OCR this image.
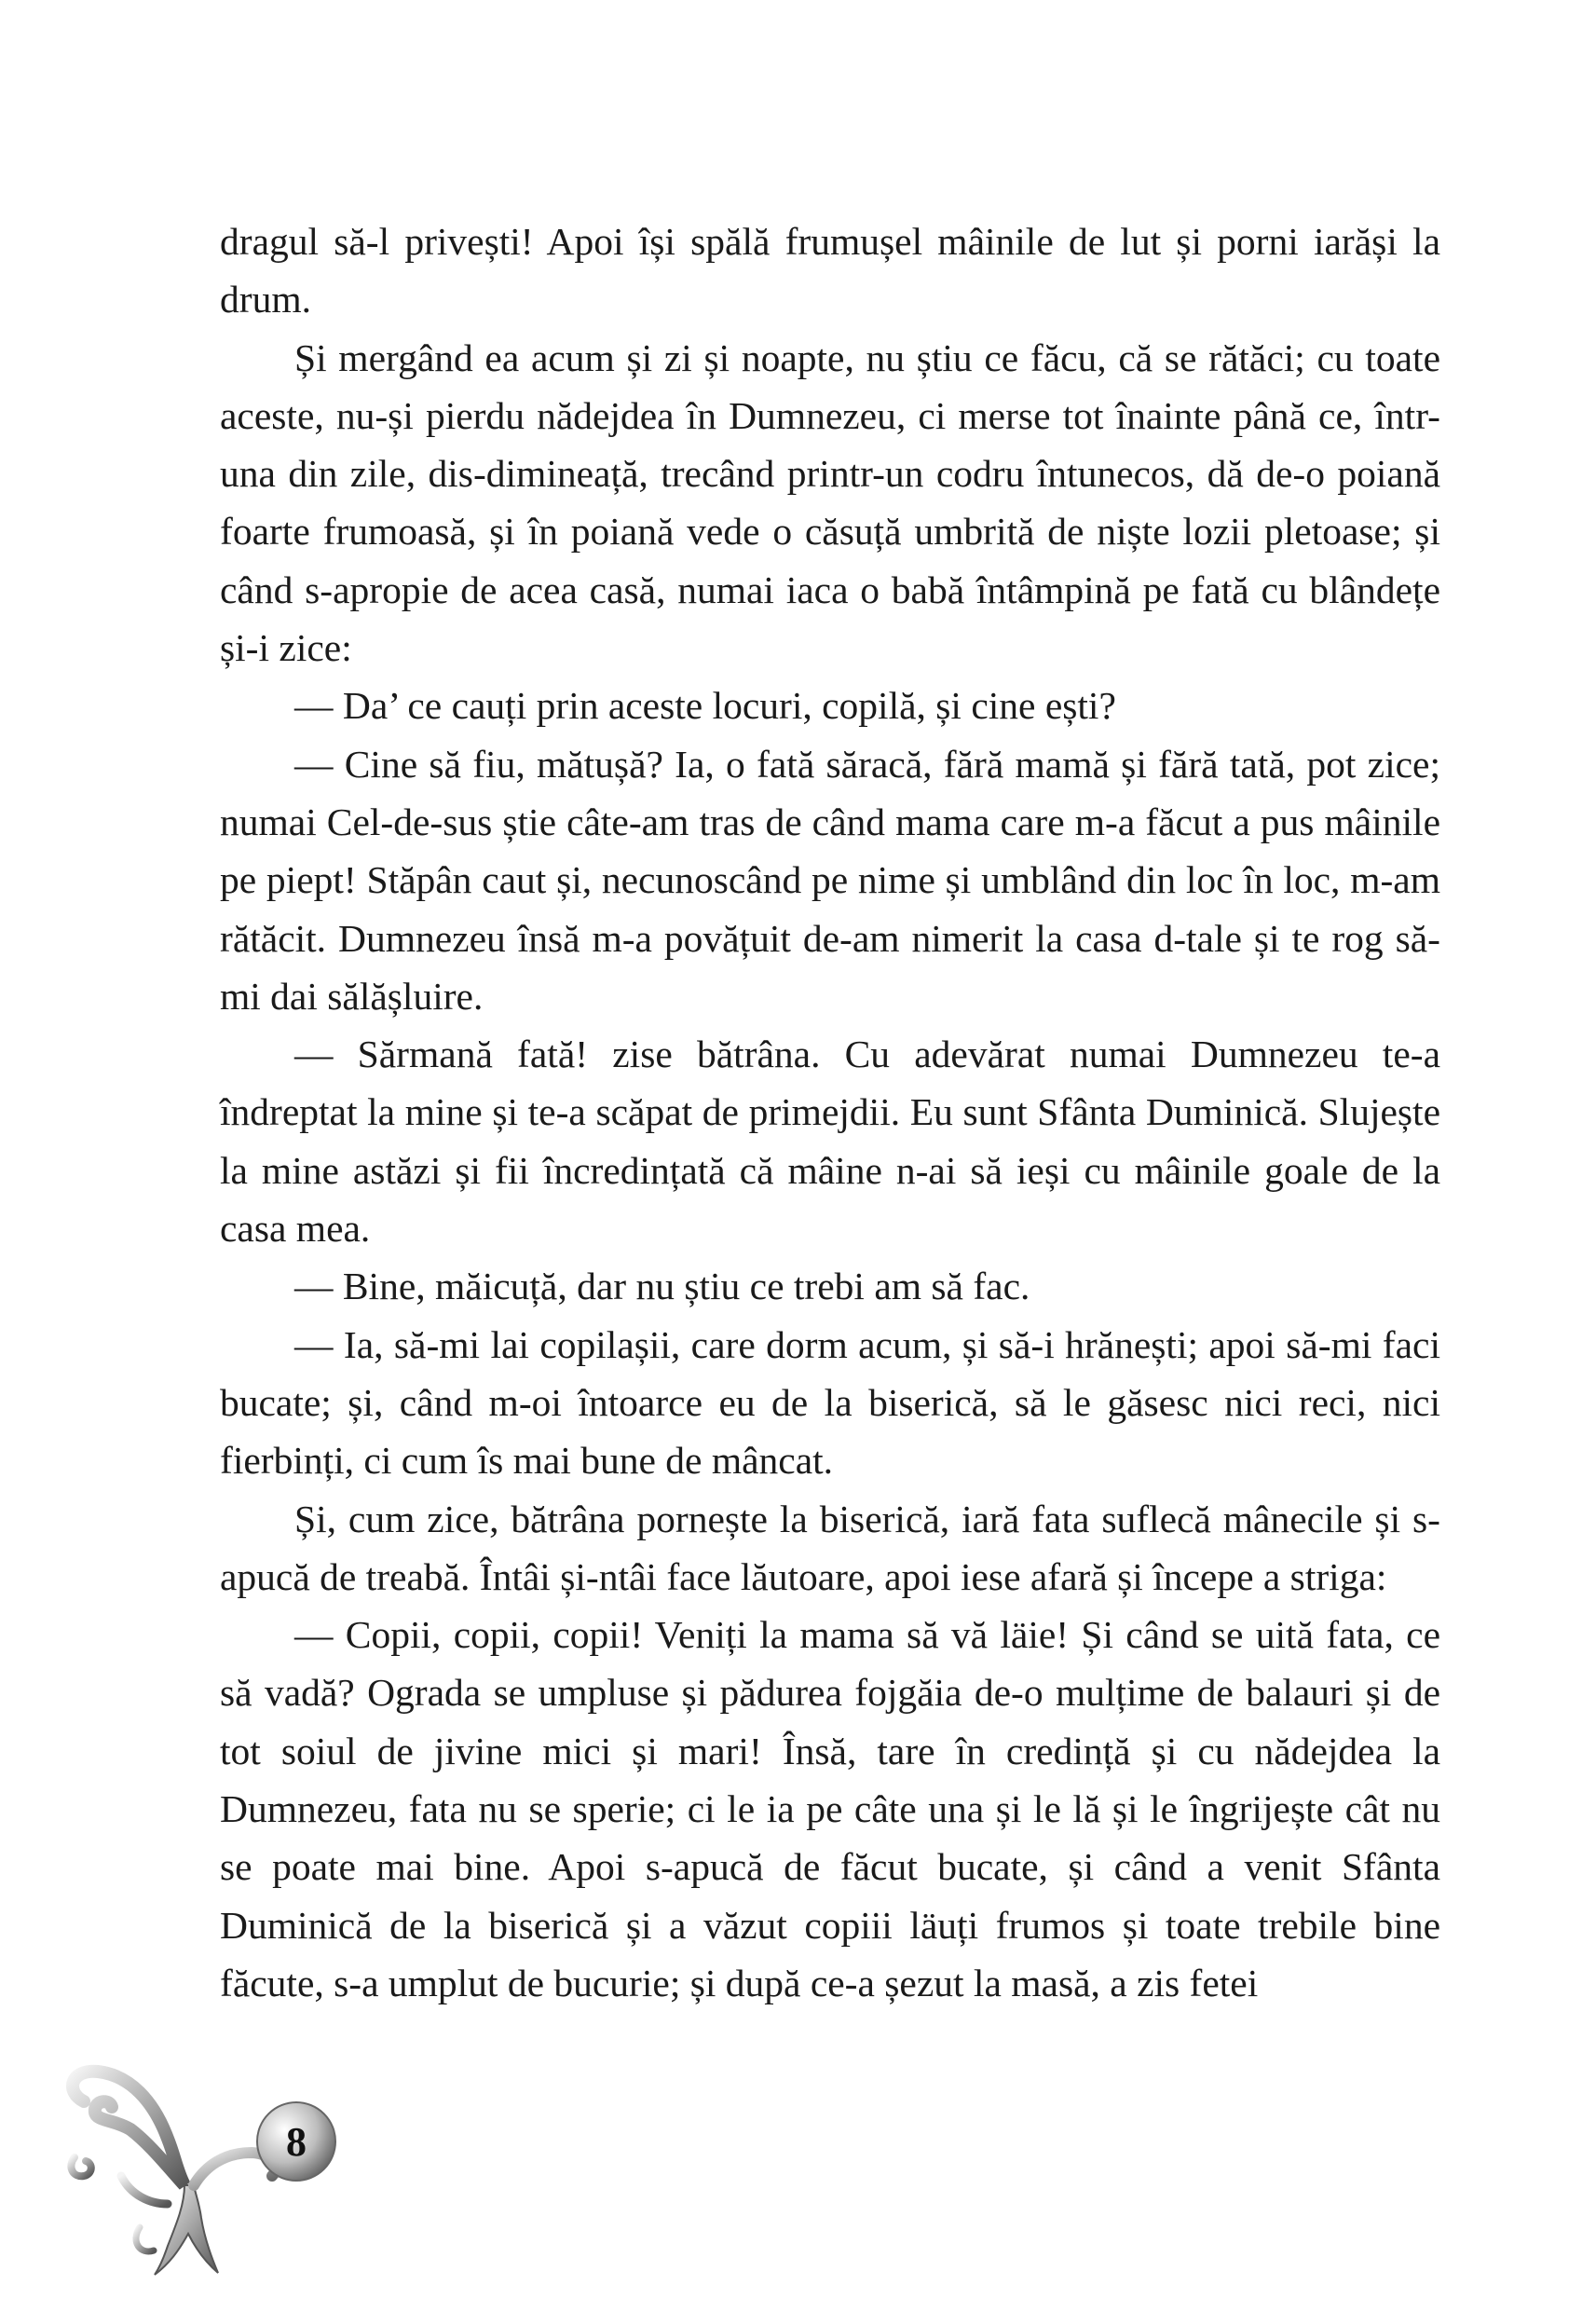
dragul să-l privești! Apoi își spălă frumușel mâinile de lut și porni iarăși la drum.

Și mergând ea acum și zi și noapte, nu știu ce făcu, că se rătăci; cu toate aceste, nu-și pierdu nădejdea în Dumnezeu, ci merse tot înainte până ce, într-una din zile, dis-dimineață, trecând printr-un codru întunecos, dă de-o poiană foarte frumoasă, și în poiană vede o căsuță umbrită de niște lozii pletoase; și când s-apropie de acea casă, numai iaca o babă întâmpină pe fată cu blândețe și-i zice:

— Da’ ce cauți prin aceste locuri, copilă, și cine ești?

— Cine să fiu, mătușă? Ia, o fată săracă, fără mamă și fără tată, pot zice; numai Cel-de-sus știe câte-am tras de când mama care m-a făcut a pus mâinile pe piept! Stăpân caut și, necunoscând pe nime și umblând din loc în loc, m-am rătăcit. Dumnezeu însă m-a povățuit de-am nimerit la casa d-tale și te rog să-mi dai sălășluire.

— Sărmană fată! zise bătrâna. Cu adevărat numai Dumnezeu te-a îndreptat la mine și te-a scăpat de primejdii. Eu sunt Sfânta Duminică. Slujește la mine astăzi și fii încredințată că mâine n-ai să ieși cu mâinile goale de la casa mea.

— Bine, măicuță, dar nu știu ce trebi am să fac.

— Ia, să-mi lai copilașii, care dorm acum, și să-i hrănești; apoi să-mi faci bucate; și, când m-oi întoarce eu de la biserică, să le găsesc nici reci, nici fierbinți, ci cum îs mai bune de mâncat.

Și, cum zice, bătrâna pornește la biserică, iară fata suflecă mânecile și s-apucă de treabă. Întâi și-ntâi face lăutoare, apoi iese afară și începe a striga:

— Copii, copii, copii! Veniți la mama să vă läie! Și când se uită fata, ce să vadă? Ograda se umpluse și pădurea fojgăia de-o mulțime de balauri și de tot soiul de jivine mici și mari! Însă, tare în credință și cu nădejdea la Dumnezeu, fata nu se sperie; ci le ia pe câte una și le lă și le îngrijește cât nu se poate mai bine. Apoi s-apucă de făcut bucate, și când a venit Sfânta Duminică de la biserică și a văzut copiii läuți frumos și toate trebile bine făcute, s-a umplut de bucurie; și după ce-a șezut la masă, a zis fetei

8
